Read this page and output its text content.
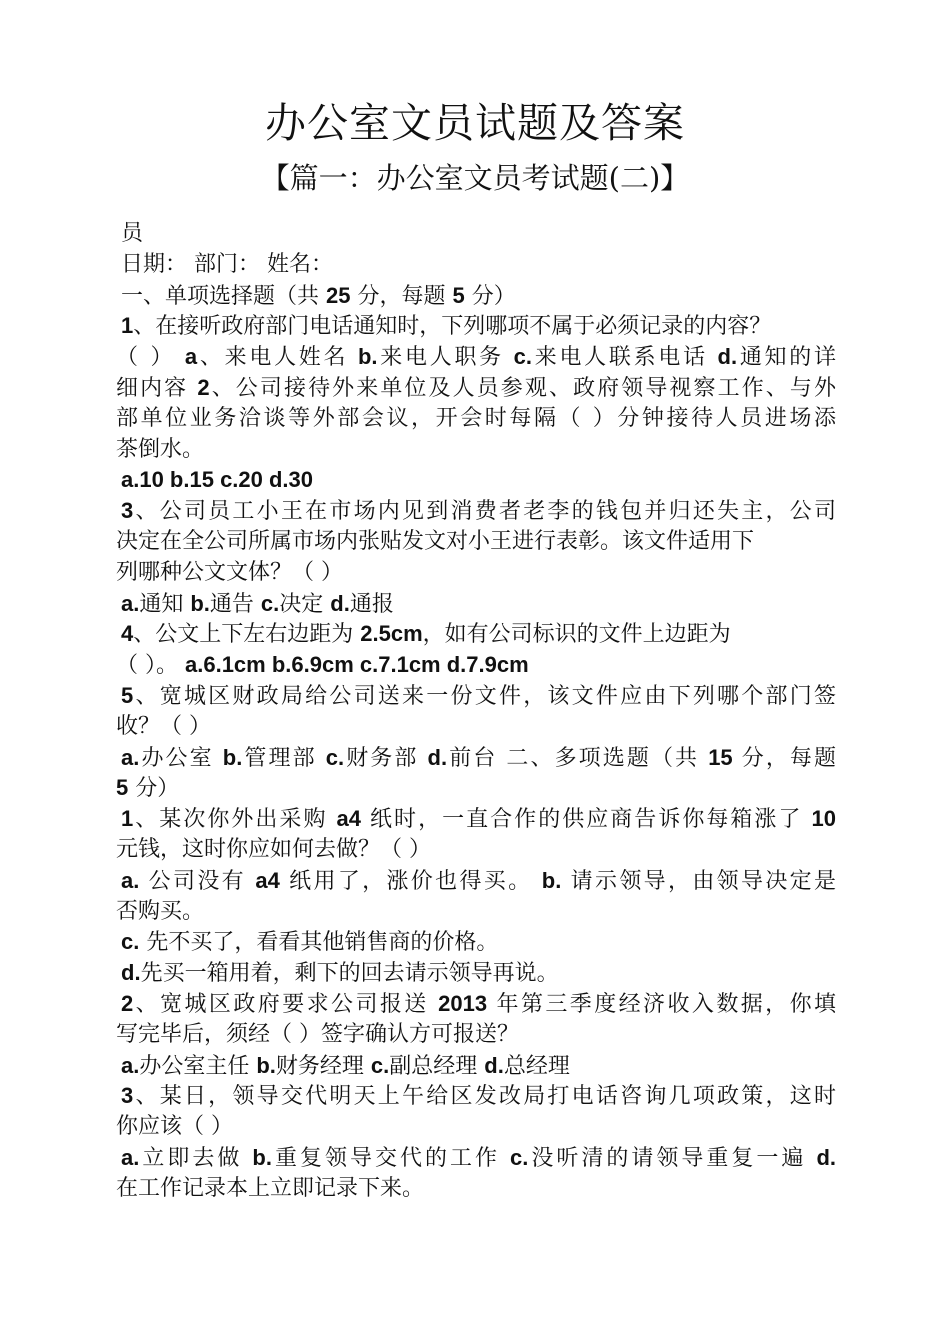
办公室文员试题及答案
【篇一：办公室文员考试题(二)】
员
日期： 部门： 姓名：
一、单项选择题（共 25 分，每题 5 分）
1、在接听政府部门电话通知时，下列哪项不属于必须记录的内容？
（ ） a、来电人姓名 b.来电人职务 c.来电人联系电话 d.通知的详
细内容 2、公司接待外来单位及人员参观、政府领导视察工作、与外
部单位业务洽谈等外部会议，开会时每隔（ ）分钟接待人员进场添
茶倒水。
a.10 b.15 c.20 d.30
3、公司员工小王在市场内见到消费者老李的钱包并归还失主，公司
决定在全公司所属市场内张贴发文对小王进行表彰。该文件适用下
列哪种公文文体？（ ）
a.通知 b.通告 c.决定 d.通报
4、公文上下左右边距为 2.5cm，如有公司标识的文件上边距为
（ ）。 a.6.1cm b.6.9cm c.7.1cm d.7.9cm
5、宽城区财政局给公司送来一份文件，该文件应由下列哪个部门签
收？（ ）
a.办公室 b.管理部 c.财务部 d.前台 二、多项选题（共 15 分，每题
5 分）
1、某次你外出采购 a4 纸时，一直合作的供应商告诉你每箱涨了 10
元钱，这时你应如何去做？（ ）
a. 公司没有 a4 纸用了，涨价也得买。 b. 请示领导，由领导决定是
否购买。
c. 先不买了，看看其他销售商的价格。
d.先买一箱用着，剩下的回去请示领导再说。
2、宽城区政府要求公司报送 2013 年第三季度经济收入数据，你填
写完毕后，须经（ ）签字确认方可报送？
a.办公室主任 b.财务经理 c.副总经理 d.总经理
3、某日，领导交代明天上午给区发改局打电话咨询几项政策，这时
你应该（ ）
a.立即去做 b.重复领导交代的工作 c.没听清的请领导重复一遍 d.
在工作记录本上立即记录下来。
